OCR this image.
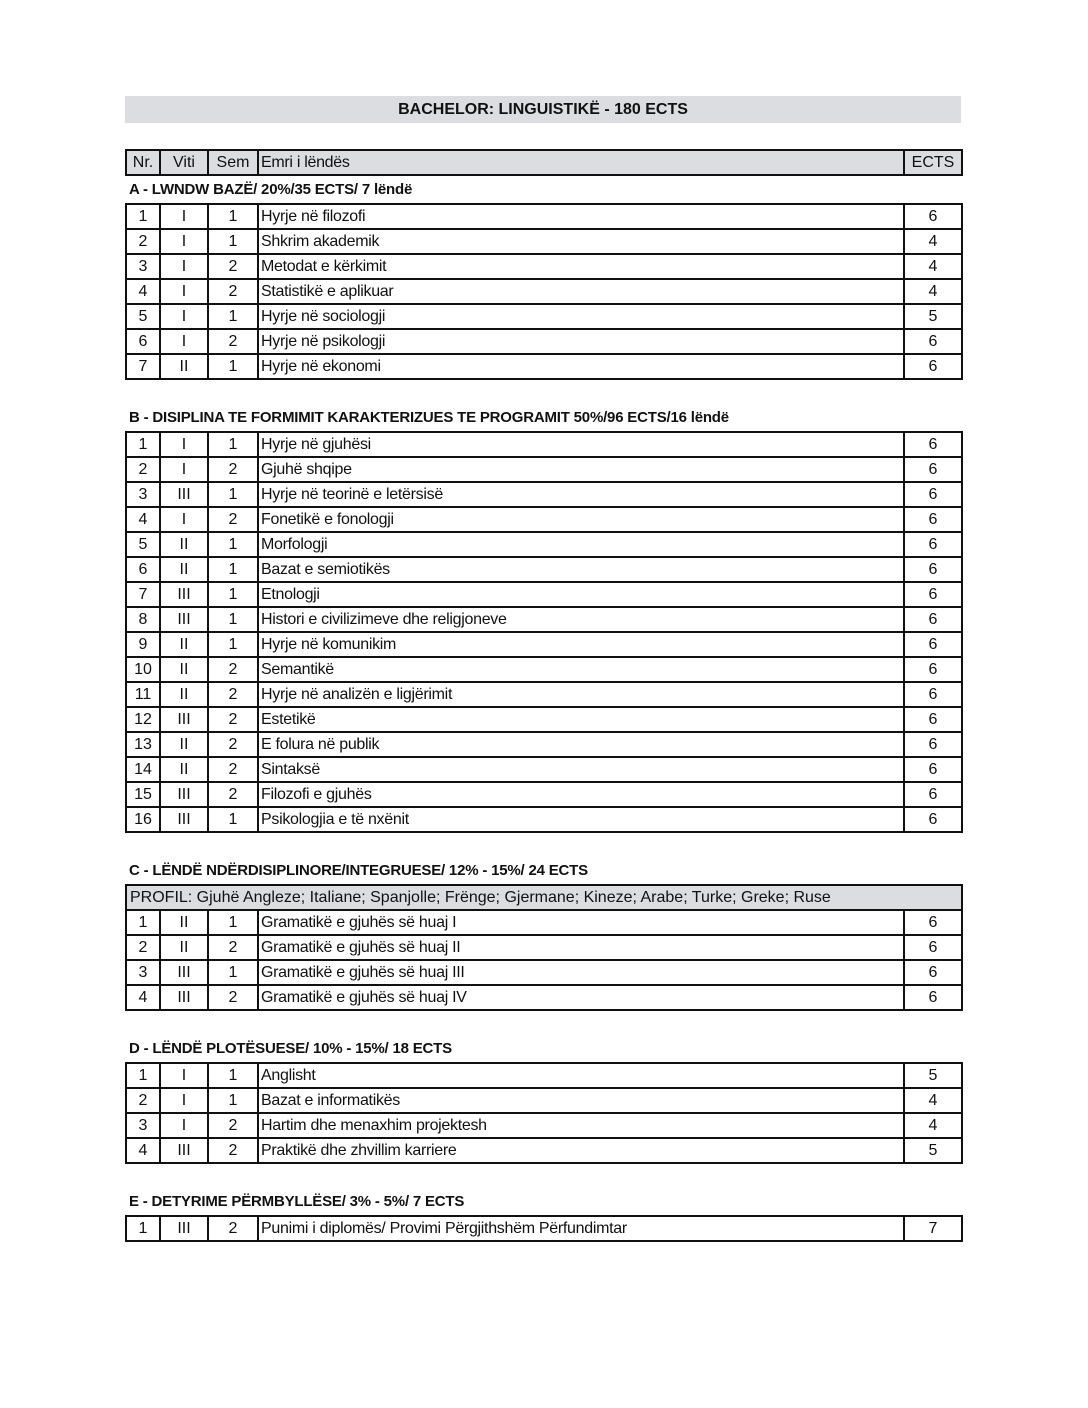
BACHELOR: LINGUISTIKË - 180 ECTS
Nr.	Viti	Sem	Emri i lëndës	ECTS
A - LWNDW BAZË/ 20%/35 ECTS/ 7 lëndë				
1	I	1	Hyrje në filozofi	6
2	I	1	Shkrim akademik	4
3	I	2	Metodat e kërkimit	4
4	I	2	Statistikë e aplikuar	4
5	I	1	Hyrje në sociologji	5
6	I	2	Hyrje në psikologji	6
7	II	1	Hyrje në ekonomi	6

B - DISIPLINA TE FORMIMIT KARAKTERIZUES TE PROGRAMIT 50%/96 ECTS/16 lëndë				
1	I	1	Hyrje në gjuhësi	6
2	I	2	Gjuhë shqipe	6
3	III	1	Hyrje në teorinë e letërsisë	6
4	I	2	Fonetikë e fonologji	6
5	II	1	Morfologji	6
6	II	1	Bazat e semiotikës	6
7	III	1	Etnologji	6
8	III	1	Histori e civilizimeve dhe religjoneve	6
9	II	1	Hyrje në komunikim	6
10	II	2	Semantikë	6
11	II	2	Hyrje në analizën e ligjërimit	6
12	III	2	Estetikë	6
13	II	2	E folura në publik	6
14	II	2	Sintaksë	6
15	III	2	Filozofi e gjuhës	6
16	III	1	Psikologjia e të nxënit	6

C - LËNDË NDËRDISIPLINORE/INTEGRUESE/ 12% - 15%/ 24 ECTS				
PROFIL: Gjuhë Angleze; Italiane; Spanjolle; Frënge; Gjermane; Kineze; Arabe; Turke; Greke; Ruse				
1	II	1	Gramatikë e gjuhës së huaj I	6
2	II	2	Gramatikë e gjuhës së huaj II	6
3	III	1	Gramatikë e gjuhës së huaj III	6
4	III	2	Gramatikë e gjuhës së huaj IV	6

D - LËNDË PLOTËSUESE/ 10% - 15%/ 18 ECTS				
1	I	1	Anglisht	5
2	I	1	Bazat e informatikës	4
3	I	2	Hartim dhe menaxhim projektesh	4
4	III	2	Praktikë dhe zhvillim karriere	5

E - DETYRIME PËRMBYLLËSE/ 3% - 5%/ 7 ECTS				
1	III	2	Punimi i diplomës/ Provimi Përgjithshëm Përfundimtar	7
